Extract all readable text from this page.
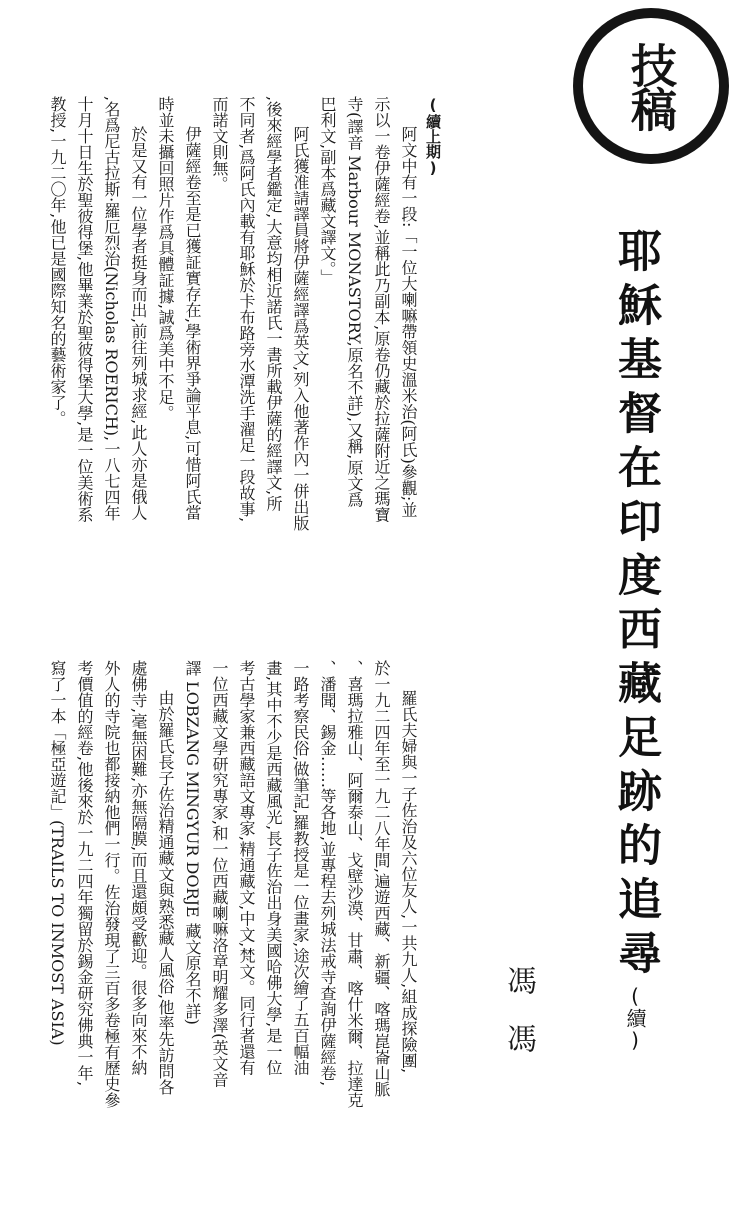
技稿
耶穌基督在印度西藏足跡的追尋(續)
馮馮
(續上期)
阿文中有一段:「一位大喇嘛帶領史溫米治(阿氏)參觀;並
示以一卷伊薩經卷,並稱此乃副本,原卷仍藏於拉薩附近之瑪寶
寺(譯音 Marbour MONASTORY,原名不詳),又稱,原文爲
巴利文,副本爲藏文譯文。」
阿氏獲准請譯員將伊薩經譯爲英文,列入他著作內一併出版
,後來經學者鑑定,大意均相近諾氏一書所載伊薩的經譯文,所
不同者,爲阿氏內載有耶穌於卡布路旁水潭洗手濯足一段故事,
而諾文則無。
伊薩經卷至是已獲証實存在,學術界爭論平息,可惜阿氏當
時並未攝回照片作爲具體証據,誠爲美中不足。
於是又有一位學者挺身而出,前往列城求經,此人亦是俄人
,名爲尼古拉斯·羅厄烈治(Nicholas ROERICH),一八七四年
十月十日生於聖彼得堡,他畢業於聖彼得堡大學,是一位美術系
教授,一九二〇年,他已是國際知名的藝術家了。
羅氏夫婦與一子佐治及六位友人,一共九人,組成探險團,
於一九二四年至一九二八年間,遍遊西藏、新疆、喀瑪崑崙山脈
、喜瑪拉雅山、阿爾泰山、戈壁沙漠、甘肅、喀什米爾、拉達克
、潘聞、錫金……等各地,並專程去列城法戒寺查詢伊薩經卷,
一路考察民俗,做筆記,羅教授是一位畫家,途次繪了五百幅油
畫,其中不少是西藏風光,長子佐治出身美國哈佛大學,是一位
考古學家兼西藏語文專家,精通藏文,中文,梵文。同行者還有
一位西藏文學研究專家,和一位西藏喇嘛洛章明耀多澤(英文音
譯 LOBZANG MINGYUR DORJE 藏文原名不詳)
由於羅氏長子佐治精通藏文與熟悉藏人風俗,他率先訪問各
處佛寺,毫無困難,亦無隔膜,而且還頗受歡迎。很多向來不納
外人的寺院也都接納他們一行。佐治發現了三百多卷極有歷史參
考價值的經卷,他後來於一九二四年獨留於錫金研究佛典一年,
寫了一本「極亞遊記」(TRAILS TO INMOST ASIA)
